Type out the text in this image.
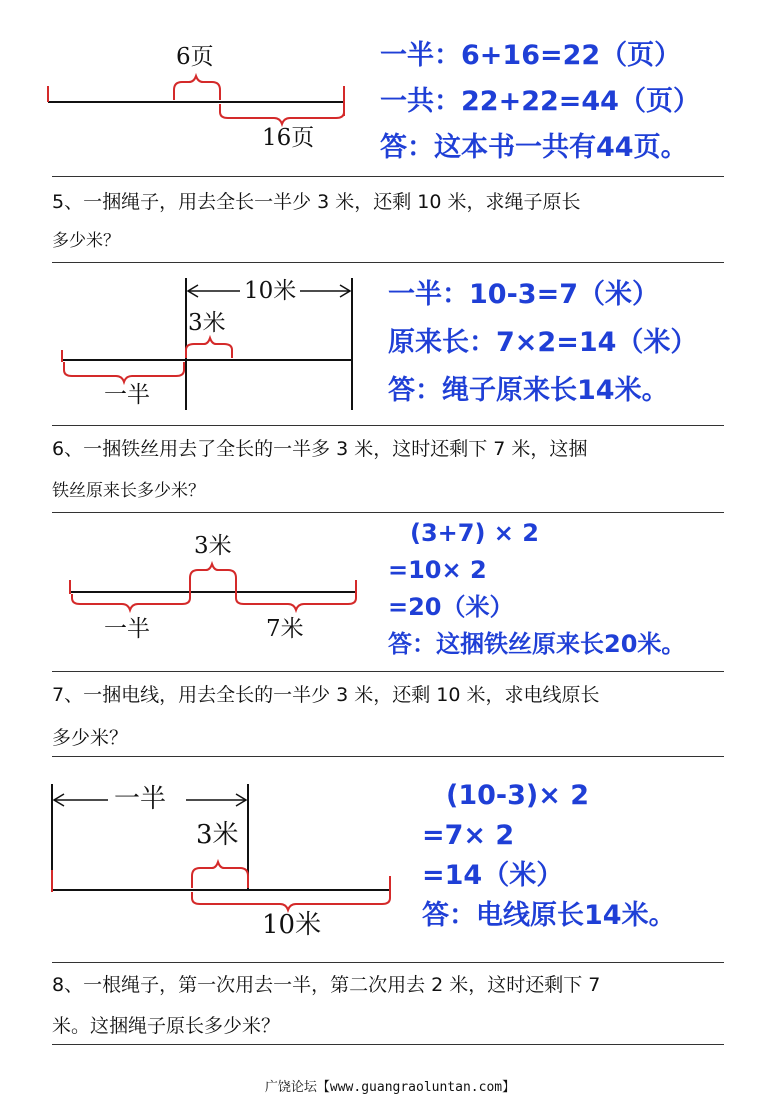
6页
16页
一半：6+16=22（页）
一共：22+22=44（页）
答：这本书一共有44页。
5、一捆绳子，用去全长一半少 3 米，还剩 10 米，求绳子原长
多少米？
10米
3米
一半
一半：10-3=7（米）
原来长：7×2=14（米）
答：绳子原来长14米。
6、一捆铁丝用去了全长的一半多 3 米，这时还剩下 7 米，这捆
铁丝原来长多少米？
3米
一半	7米
(3+7) × 2
=10× 2
=20（米）
答：这捆铁丝原来长20米。
7、一捆电线，用去全长的一半少 3 米，还剩 10 米，求电线原长
多少米？
一半
3米
10米
(10-3)× 2
=7× 2
=14（米）
答：电线原长14米。
8、一根绳子，第一次用去一半，第二次用去 2 米，这时还剩下 7
米。这捆绳子原长多少米？
广饶论坛【www.guangraoluntan.com】
